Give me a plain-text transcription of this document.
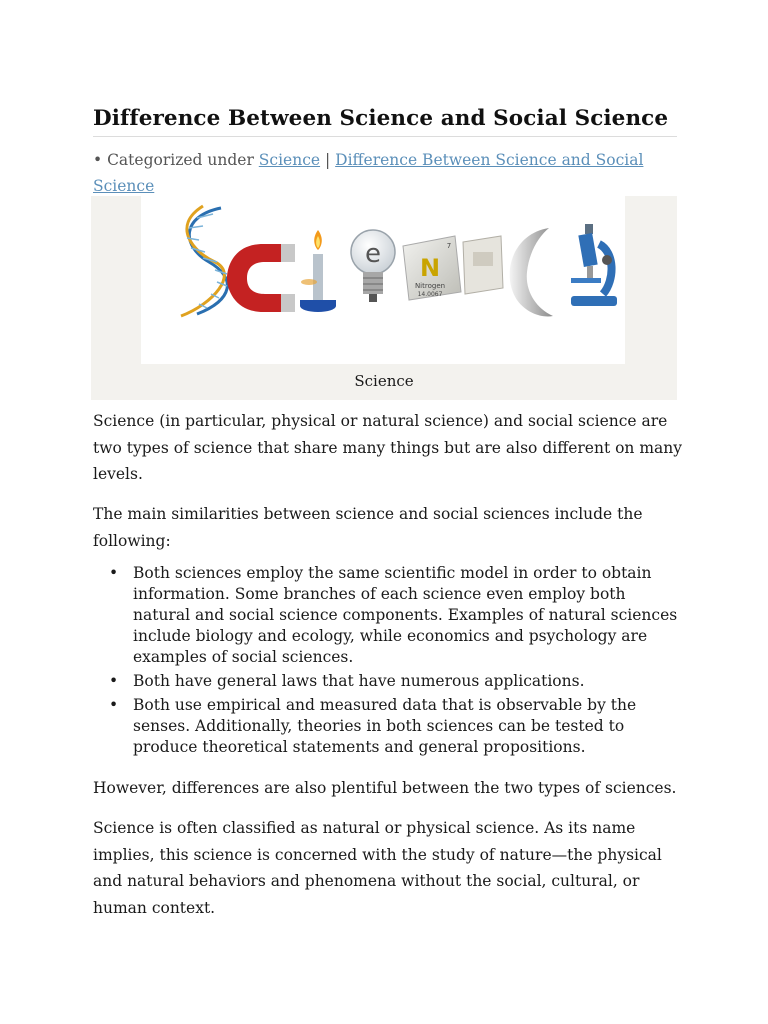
Difference Between Science and Social Science
• Categorized under Science | Difference Between Science and Social Science
e N
Nitrogen
14.0067
7
Science

Science (in particular, physical or natural science) and social science are two types of science that share many things but are also different on many levels.

The main similarities between science and social sciences include the following:

• Both sciences employ the same scientific model in order to obtain information. Some branches of each science even employ both natural and social science components. Examples of natural sciences include biology and ecology, while economics and psychology are examples of social sciences.
• Both have general laws that have numerous applications.
• Both use empirical and measured data that is observable by the senses. Additionally, theories in both sciences can be tested to produce theoretical statements and general propositions.

However, differences are also plentiful between the two types of sciences.

Science is often classified as natural or physical science. As its name implies, this science is concerned with the study of nature—the physical and natural behaviors and phenomena without the social, cultural, or human context.
